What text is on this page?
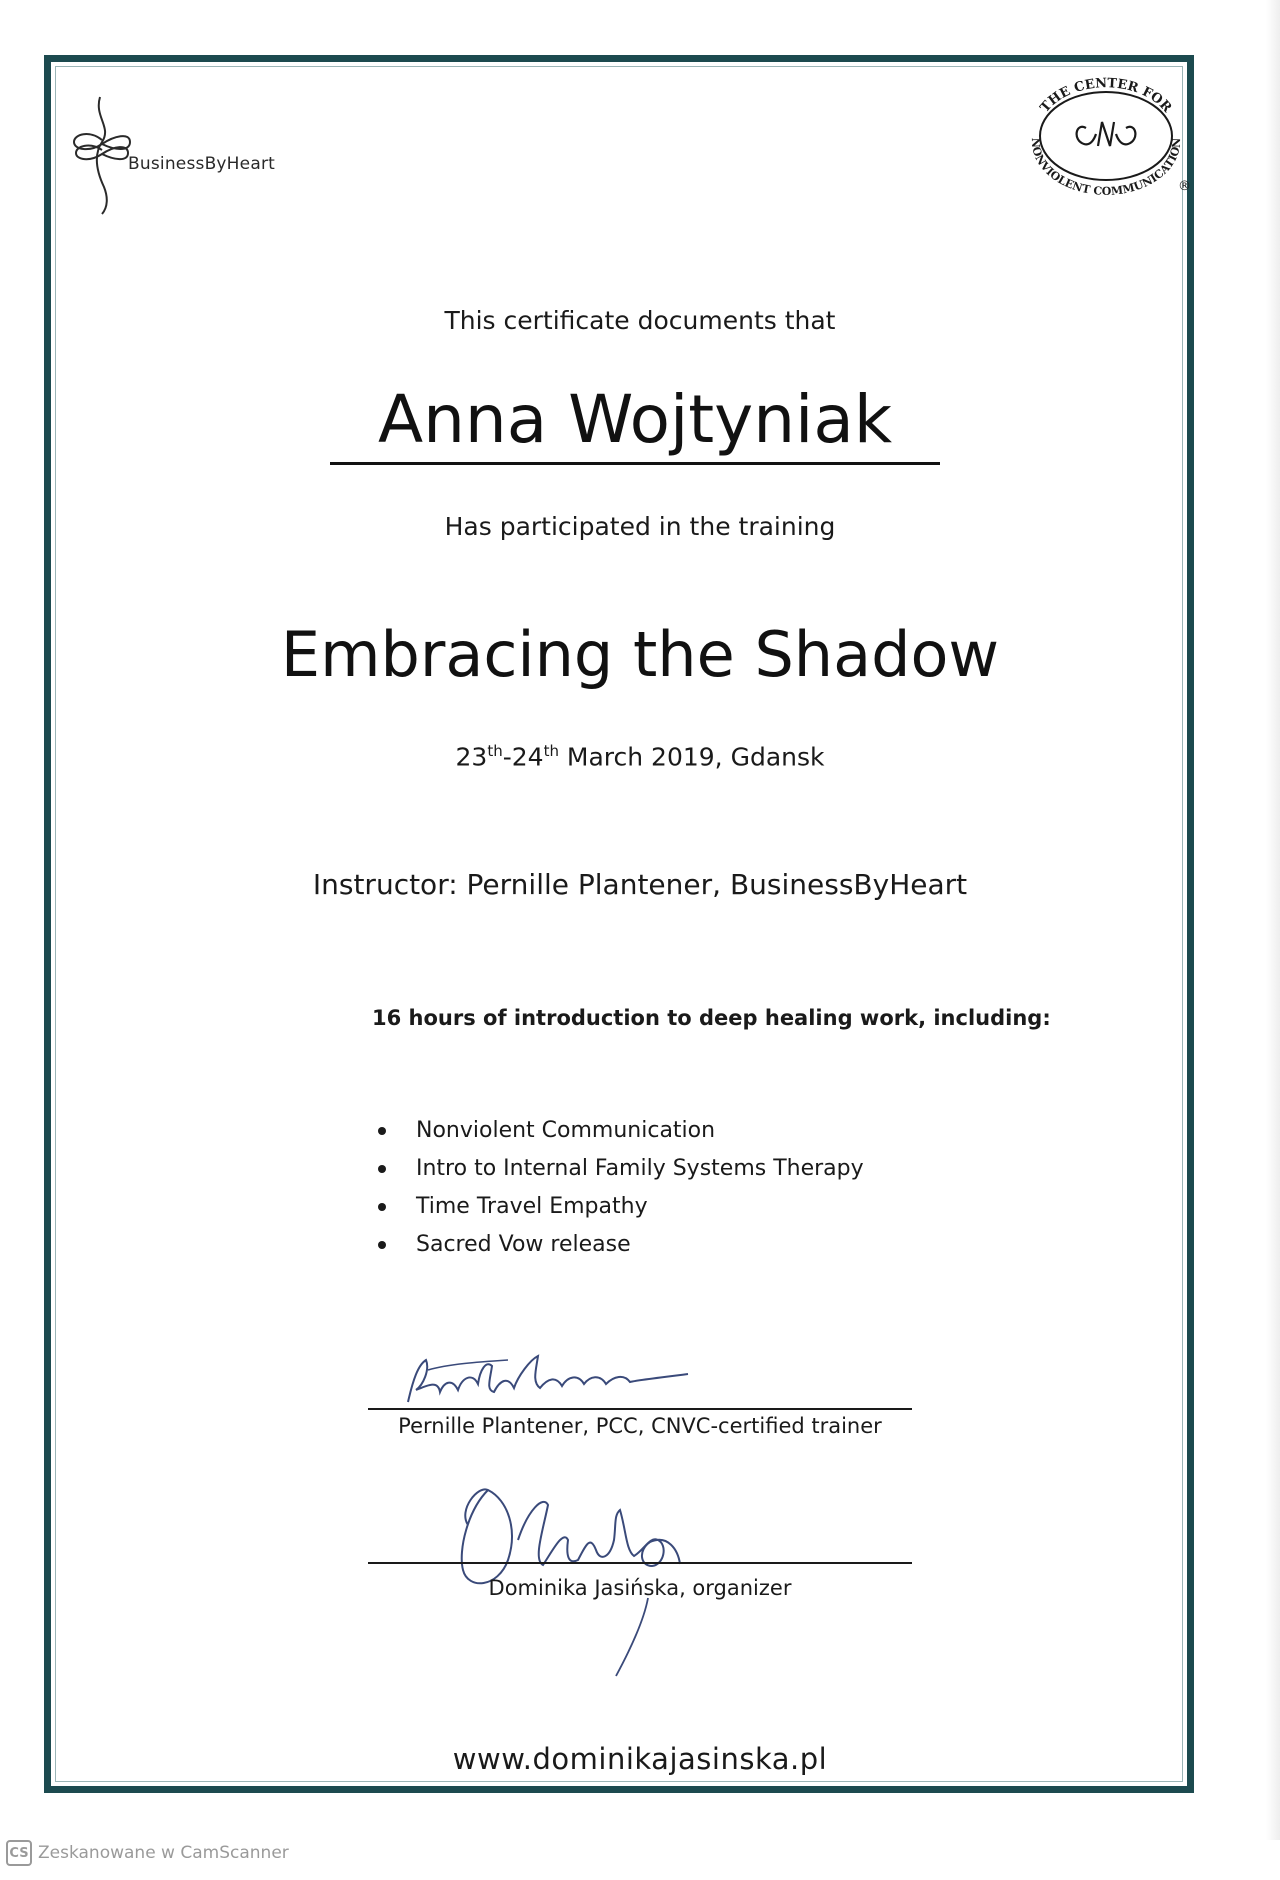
BusinessByHeart
THE CENTER FOR
NONVIOLENT COMMUNICATION
®
This certificate documents that
Anna Wojtyniak
Has participated in the training
Embracing the Shadow
23th-24th March 2019, Gdansk
Instructor: Pernille Plantener, BusinessByHeart
16 hours of introduction to deep healing work, including:
Nonviolent Communication
Intro to Internal Family Systems Therapy
Time Travel Empathy
Sacred Vow release
Pernille Plantener, PCC, CNVC-certified trainer
Dominika Jasińska, organizer
www.dominikajasinska.pl
CS Zeskanowane w CamScanner
